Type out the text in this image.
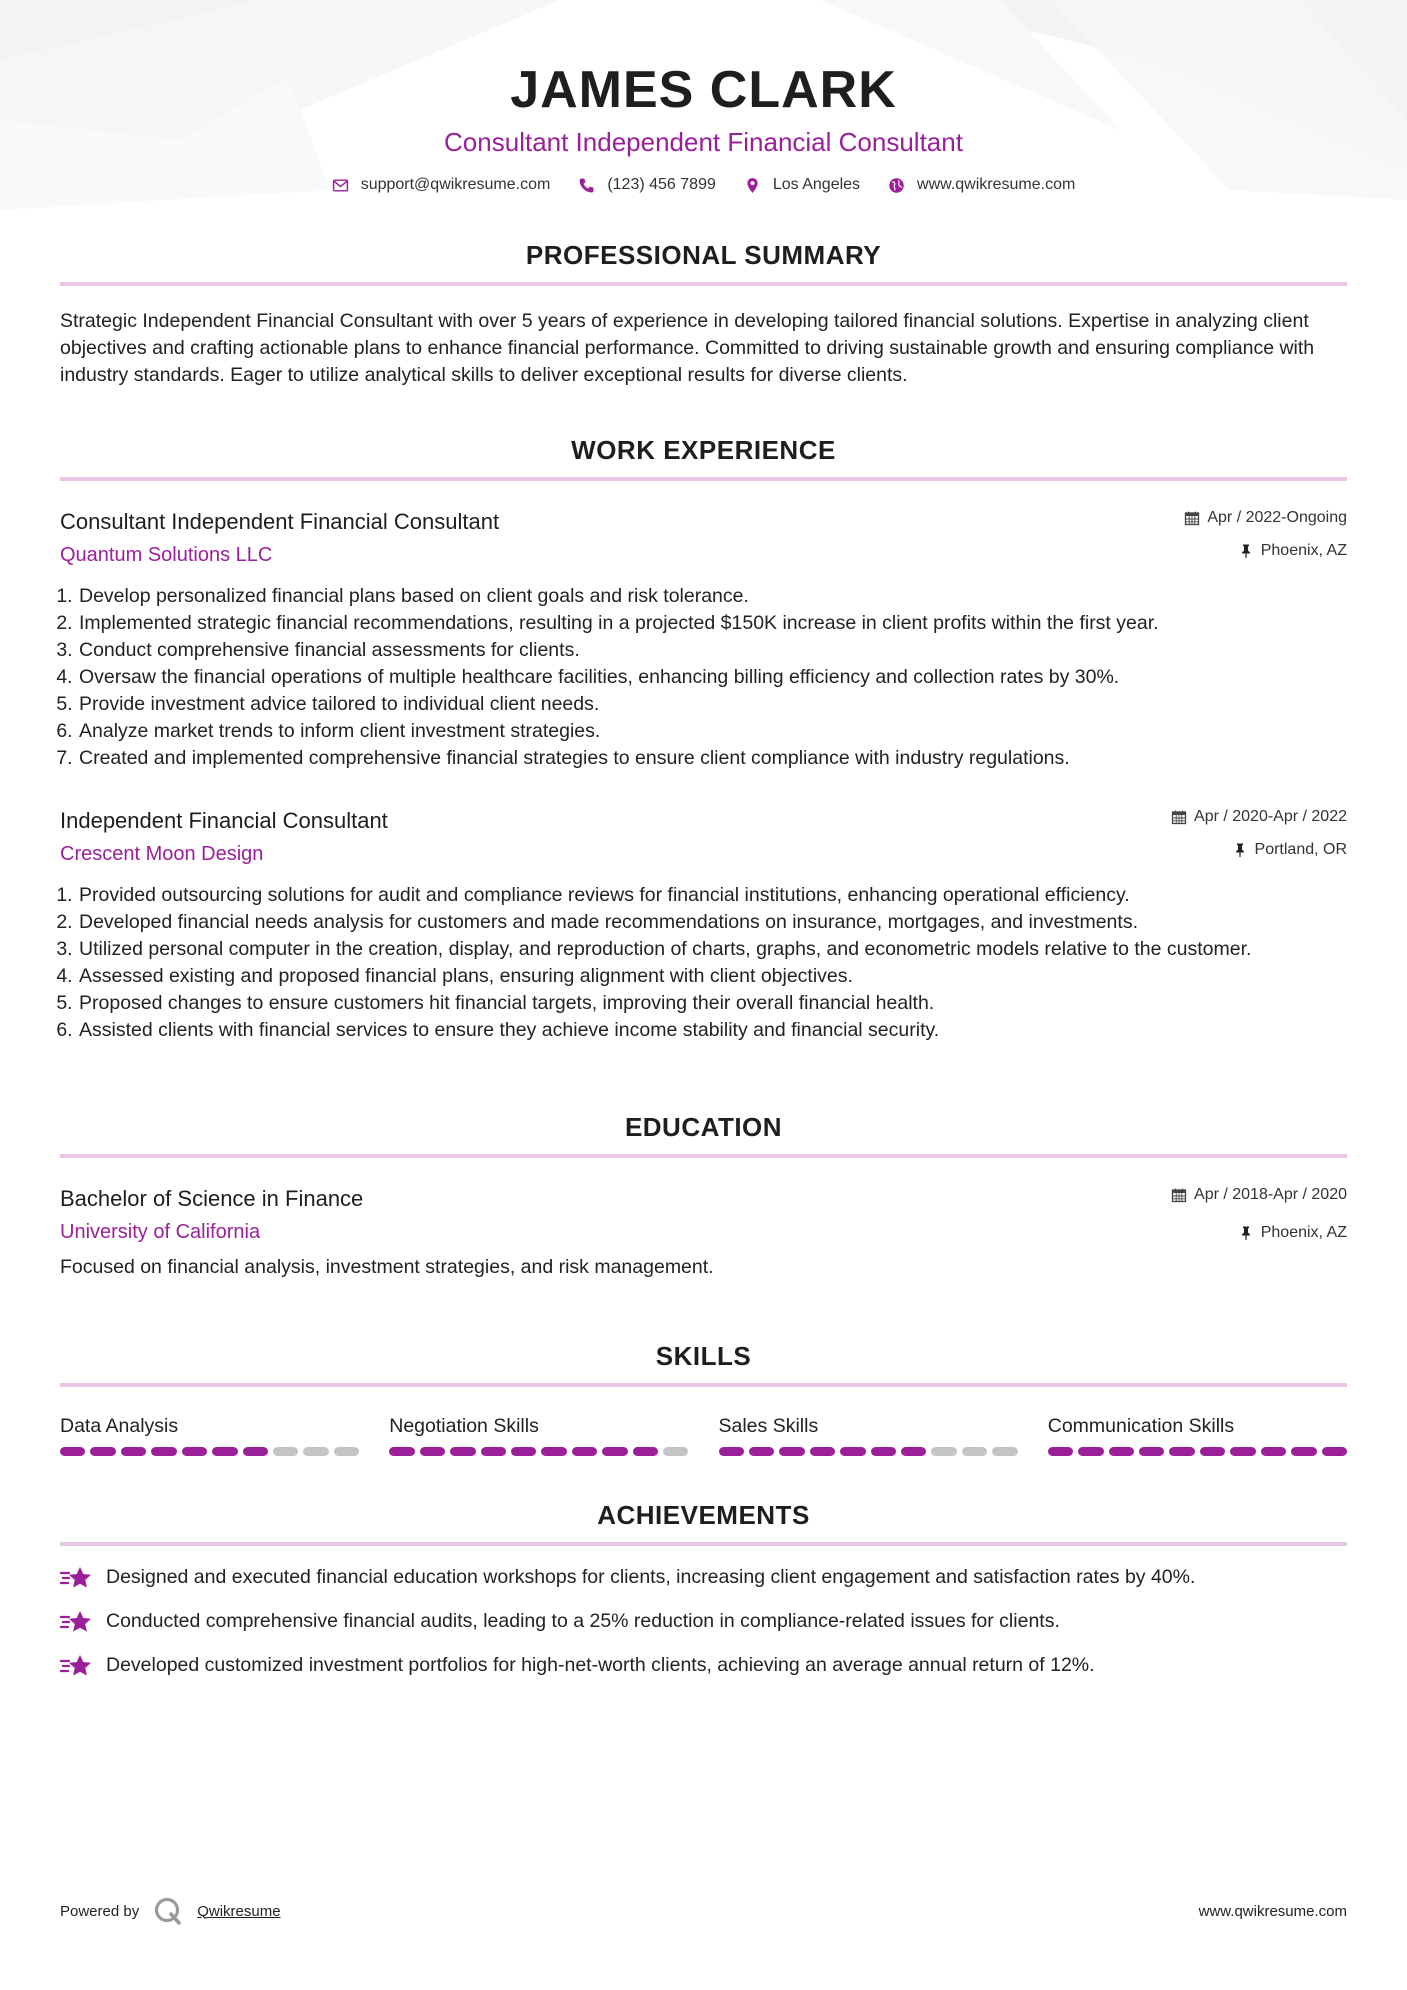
JAMES CLARK
Consultant Independent Financial Consultant
support@qwikresume.com	(123) 456 7899	Los Angeles	www.qwikresume.com
PROFESSIONAL SUMMARY
Strategic Independent Financial Consultant with over 5 years of experience in developing tailored financial solutions. Expertise in analyzing client objectives and crafting actionable plans to enhance financial performance. Committed to driving sustainable growth and ensuring compliance with industry standards. Eager to utilize analytical skills to deliver exceptional results for diverse clients.
WORK EXPERIENCE
Consultant Independent Financial Consultant
Quantum Solutions LLC
Apr / 2022-Ongoing
Phoenix, AZ
1. Develop personalized financial plans based on client goals and risk tolerance.
2. Implemented strategic financial recommendations, resulting in a projected $150K increase in client profits within the first year.
3. Conduct comprehensive financial assessments for clients.
4. Oversaw the financial operations of multiple healthcare facilities, enhancing billing efficiency and collection rates by 30%.
5. Provide investment advice tailored to individual client needs.
6. Analyze market trends to inform client investment strategies.
7. Created and implemented comprehensive financial strategies to ensure client compliance with industry regulations.
Independent Financial Consultant
Crescent Moon Design
Apr / 2020-Apr / 2022
Portland, OR
1. Provided outsourcing solutions for audit and compliance reviews for financial institutions, enhancing operational efficiency.
2. Developed financial needs analysis for customers and made recommendations on insurance, mortgages, and investments.
3. Utilized personal computer in the creation, display, and reproduction of charts, graphs, and econometric models relative to the customer.
4. Assessed existing and proposed financial plans, ensuring alignment with client objectives.
5. Proposed changes to ensure customers hit financial targets, improving their overall financial health.
6. Assisted clients with financial services to ensure they achieve income stability and financial security.
EDUCATION
Bachelor of Science in Finance
University of California
Apr / 2018-Apr / 2020
Phoenix, AZ
Focused on financial analysis, investment strategies, and risk management.
SKILLS
Data Analysis	Negotiation Skills	Sales Skills	Communication Skills
ACHIEVEMENTS
Designed and executed financial education workshops for clients, increasing client engagement and satisfaction rates by 40%.
Conducted comprehensive financial audits, leading to a 25% reduction in compliance-related issues for clients.
Developed customized investment portfolios for high-net-worth clients, achieving an average annual return of 12%.
Powered by	Qwikresume	www.qwikresume.com
